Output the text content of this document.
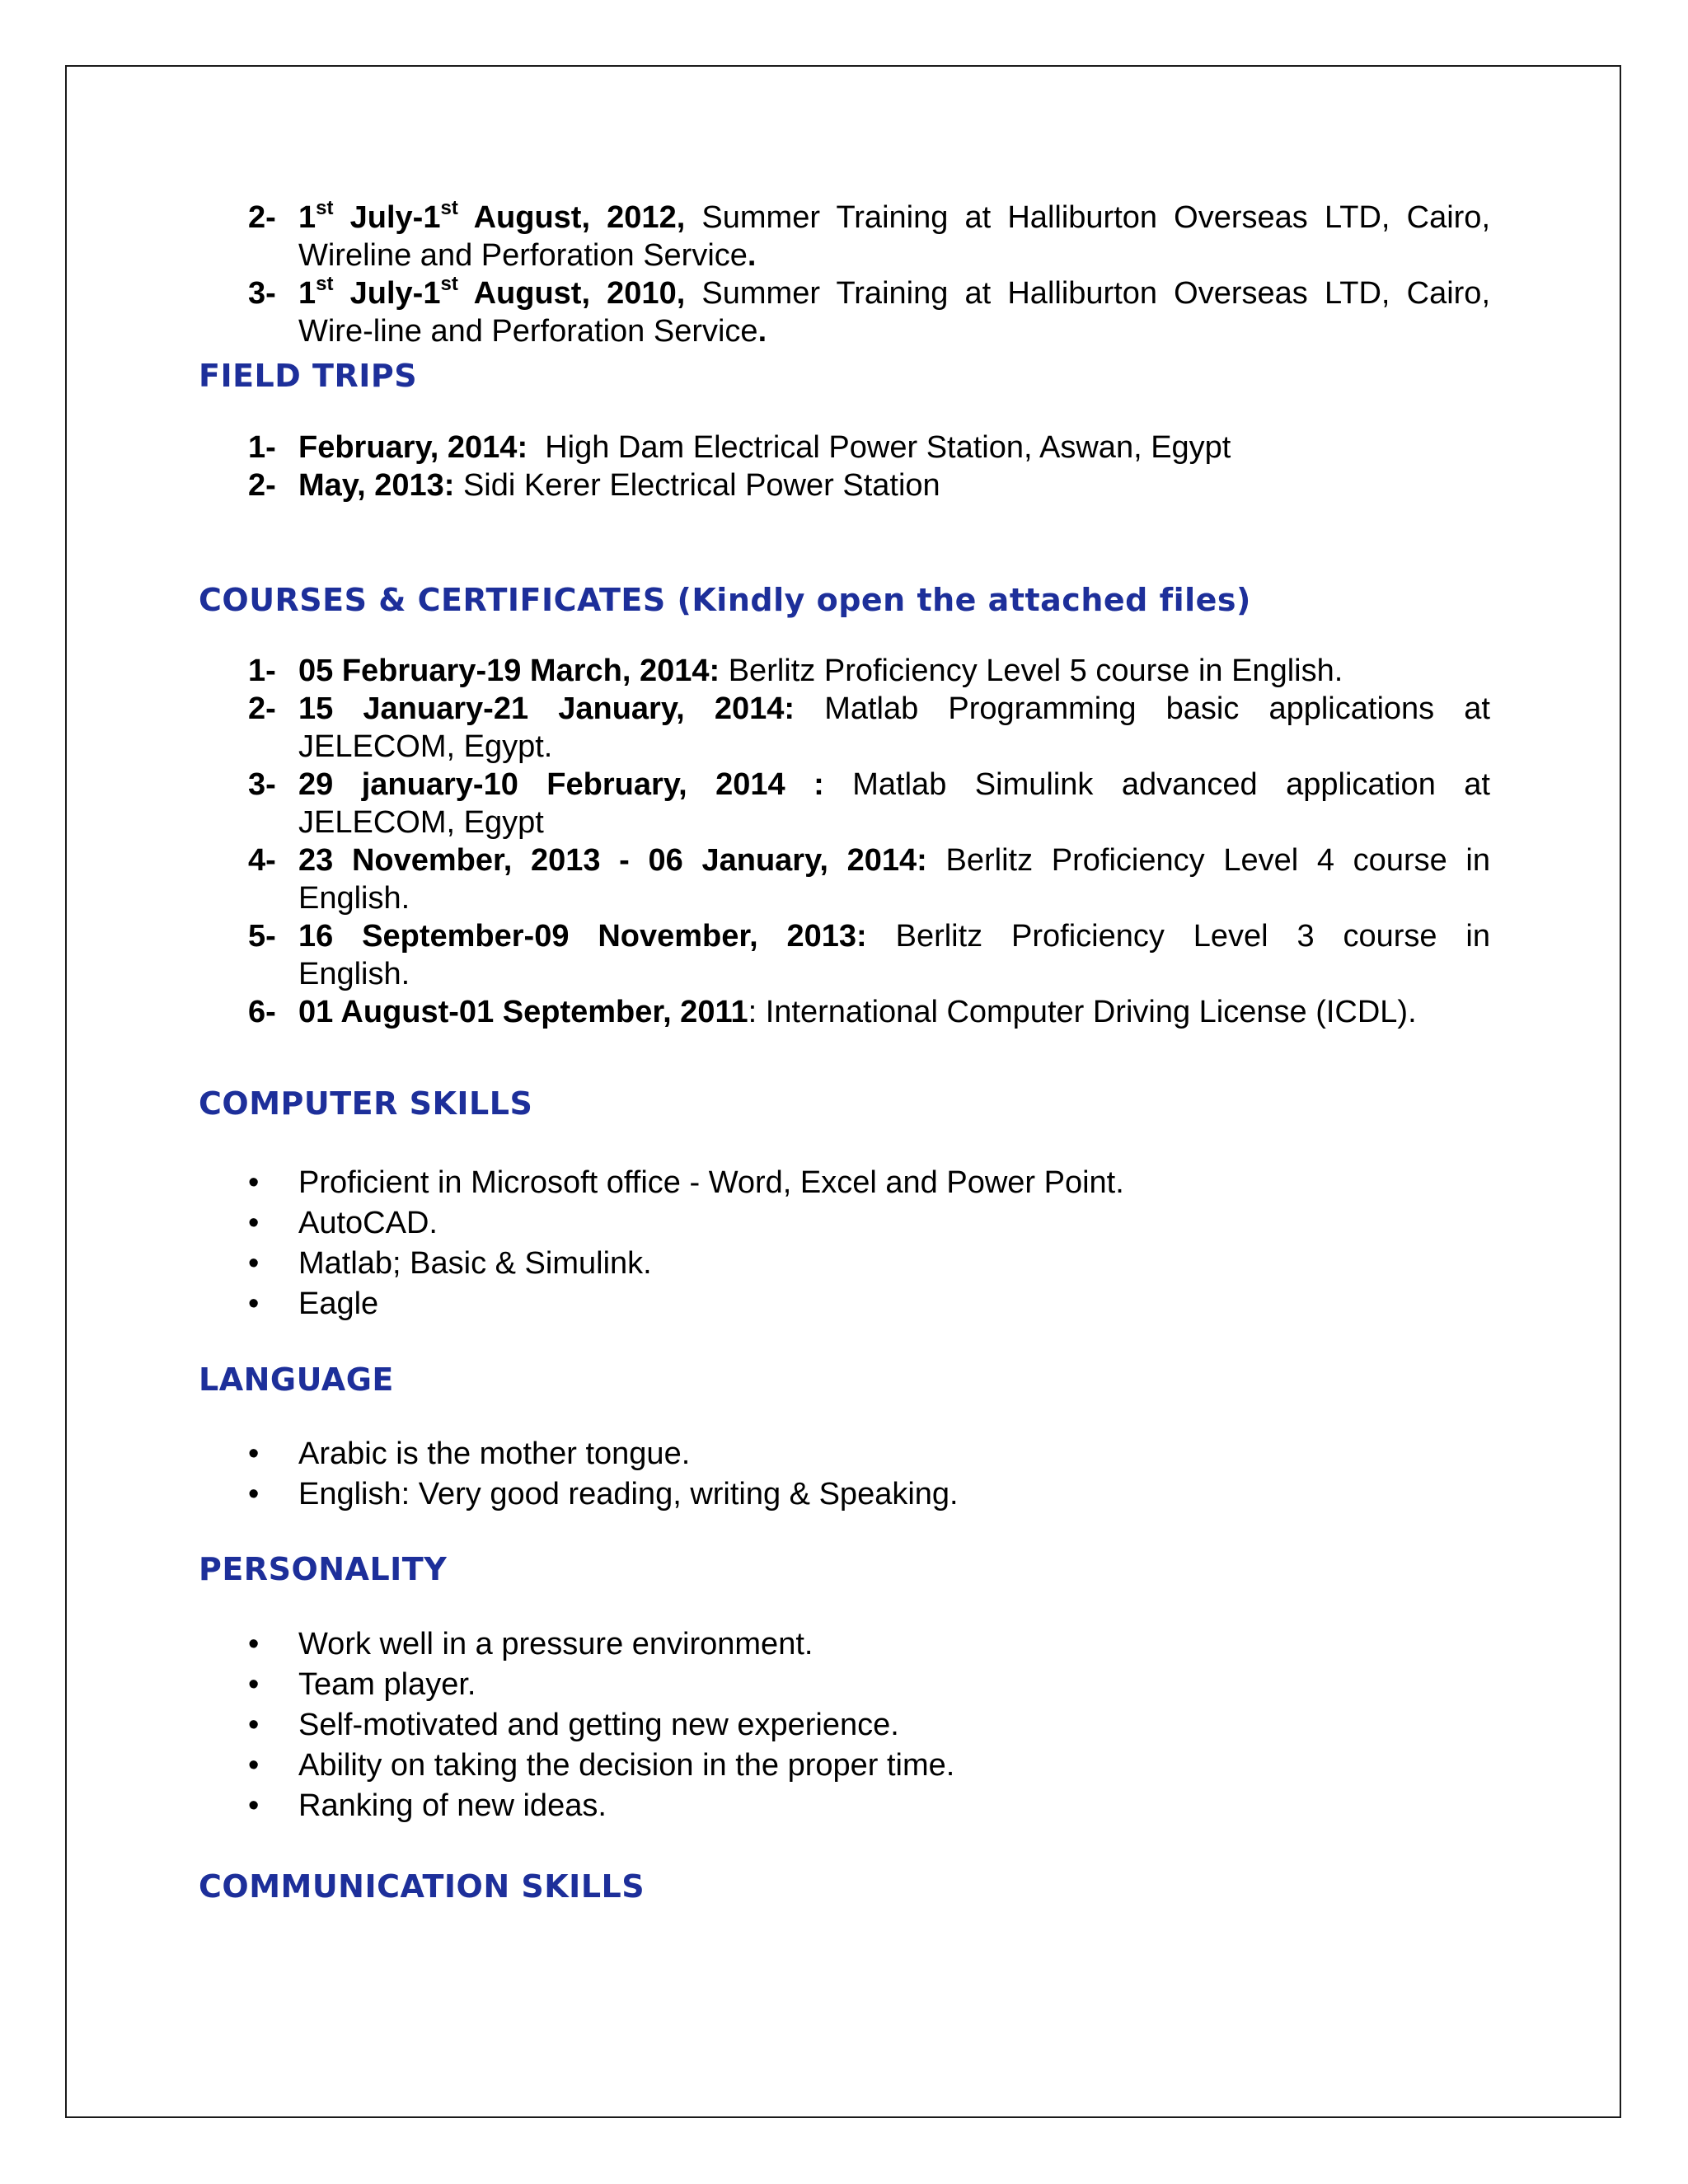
2- 1st July-1st August, 2012, Summer Training at Halliburton Overseas LTD, Cairo,
Wireline and Perforation Service.
3- 1st July-1st August, 2010, Summer Training at Halliburton Overseas LTD, Cairo,
Wire-line and Perforation Service.
FIELD TRIPS
1- February, 2014:  High Dam Electrical Power Station, Aswan, Egypt
2- May, 2013: Sidi Kerer Electrical Power Station
COURSES & CERTIFICATES (Kindly open the attached files)
1- 05 February-19 March, 2014: Berlitz Proficiency Level 5 course in English.
2- 15 January-21 January, 2014: Matlab Programming basic applications at
JELECOM, Egypt.
3- 29 january-10 February, 2014 : Matlab Simulink advanced application at
JELECOM, Egypt
4- 23 November, 2013 - 06 January, 2014: Berlitz Proficiency Level 4 course in
English.
5- 16 September-09 November, 2013: Berlitz Proficiency Level 3 course in
English.
6- 01 August-01 September, 2011: International Computer Driving License (ICDL).
COMPUTER SKILLS
•	Proficient in Microsoft office - Word, Excel and Power Point.
•	AutoCAD.
•	Matlab; Basic & Simulink.
•	Eagle
LANGUAGE
•	Arabic is the mother tongue.
•	English: Very good reading, writing & Speaking.
PERSONALITY
•	Work well in a pressure environment.
•	Team player.
•	Self-motivated and getting new experience.
•	Ability on taking the decision in the proper time.
•	Ranking of new ideas.
COMMUNICATION SKILLS
